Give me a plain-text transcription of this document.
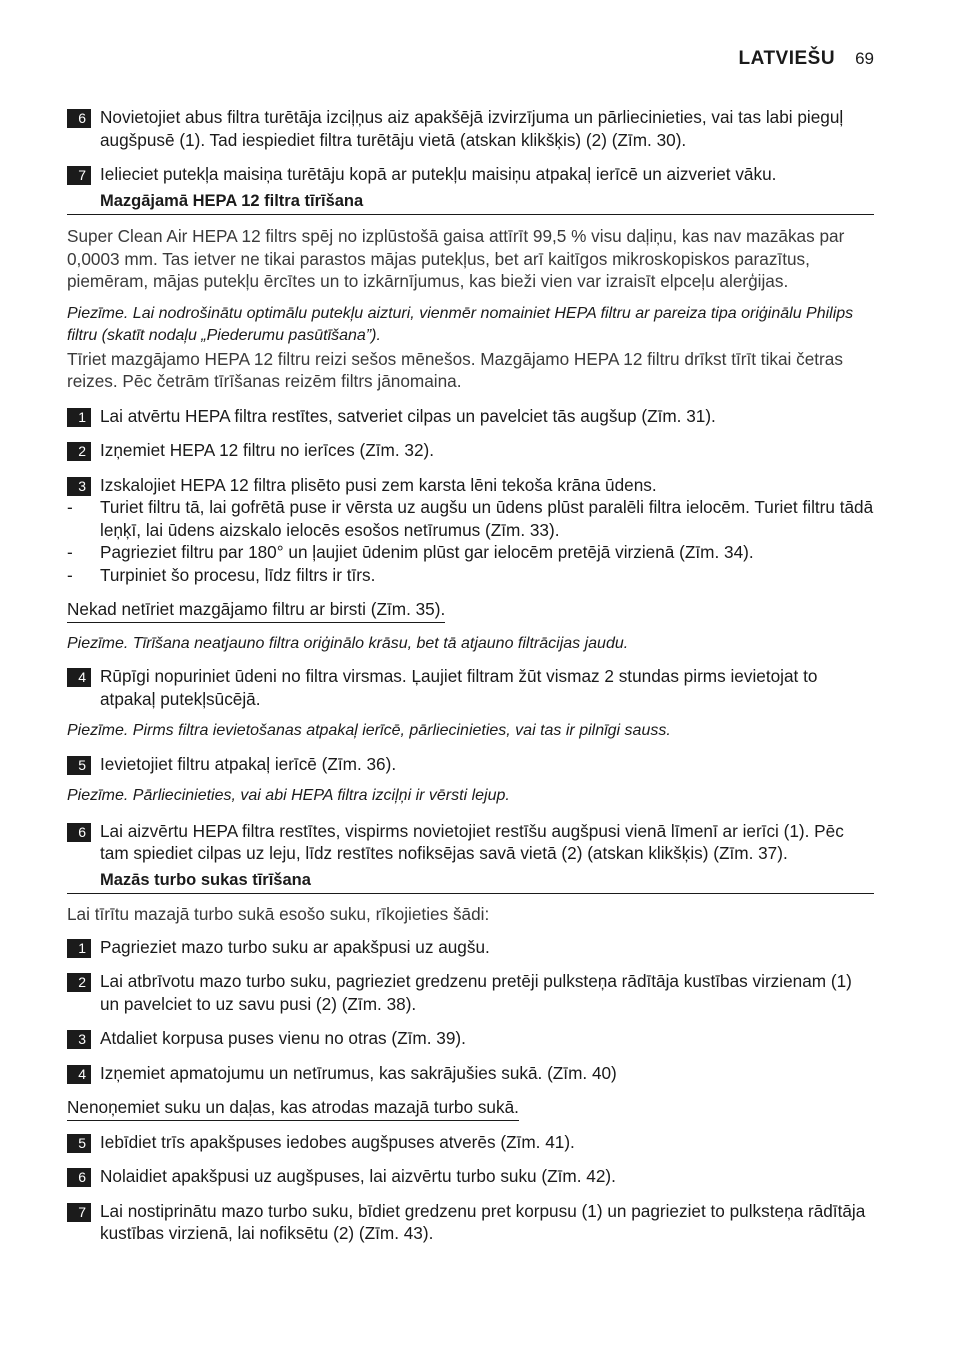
LATVIEŠU 69
6 Novietojiet abus filtra turētāja izciļņus aiz apakšējā izvirzījuma un pārliecinieties, vai tas labi pieguļ augšpusē (1). Tad iespiediet filtra turētāju vietā (atskan klikšķis) (2) (Zīm. 30).
7 Ielieciet putekļa maisiņa turētāju kopā ar putekļu maisiņu atpakaļ ierīcē un aizveriet vāku.
Mazgājamā HEPA 12 filtra tīrīšana
Super Clean Air HEPA 12 filtrs spēj no izplūstošā gaisa attīrīt 99,5 % visu daļiņu, kas nav mazākas par 0,0003 mm. Tas ietver ne tikai parastos mājas putekļus, bet arī kaitīgos mikroskopiskos parazītus, piemēram, mājas putekļu ērcītes un to izkārnījumus, kas bieži vien var izraisīt elpceļu alerģijas.
Piezīme. Lai nodrošinātu optimālu putekļu aizturi, vienmēr nomainiet HEPA filtru ar pareiza tipa oriģinālu Philips filtru (skatīt nodaļu „Piederumu pasūtīšana”).
Tīriet mazgājamo HEPA 12 filtru reizi sešos mēnešos. Mazgājamo HEPA 12 filtru drīkst tīrīt tikai četras reizes. Pēc četrām tīrīšanas reizēm filtrs jānomaina.
1 Lai atvērtu HEPA filtra restītes, satveriet cilpas un pavelciet tās augšup (Zīm. 31).
2 Izņemiet HEPA 12 filtru no ierīces (Zīm. 32).
3 Izskalojiet HEPA 12 filtra plisēto pusi zem karsta lēni tekoša krāna ūdens.
- Turiet filtru tā, lai gofrētā puse ir vērsta uz augšu un ūdens plūst paralēli filtra ielocēm. Turiet filtru tādā leņķī, lai ūdens aizskalo ielocēs esošos netīrumus (Zīm. 33).
- Pagrieziet filtru par 180° un ļaujiet ūdenim plūst gar ielocēm pretējā virzienā (Zīm. 34).
- Turpiniet šo procesu, līdz filtrs ir tīrs.
Nekad netīriet mazgājamo filtru ar birsti (Zīm. 35).
Piezīme. Tīrīšana neatjauno filtra oriģinālo krāsu, bet tā atjauno filtrācijas jaudu.
4 Rūpīgi nopuriniet ūdeni no filtra virsmas. Ļaujiet filtram žūt vismaz 2 stundas pirms ievietojat to atpakaļ putekļsūcējā.
Piezīme. Pirms filtra ievietošanas atpakaļ ierīcē, pārliecinieties, vai tas ir pilnīgi sauss.
5 Ievietojiet filtru atpakaļ ierīcē (Zīm. 36).
Piezīme. Pārliecinieties, vai abi HEPA filtra izciļņi ir vērsti lejup.
6 Lai aizvērtu HEPA filtra restītes, vispirms novietojiet restīšu augšpusi vienā līmenī ar ierīci (1). Pēc tam spiediet cilpas uz leju, līdz restītes nofiksējas savā vietā (2) (atskan klikšķis) (Zīm. 37).
Mazās turbo sukas tīrīšana
Lai tīrītu mazajā turbo sukā esošo suku, rīkojieties šādi:
1 Pagrieziet mazo turbo suku ar apakšpusi uz augšu.
2 Lai atbrīvotu mazo turbo suku, pagrieziet gredzenu pretēji pulksteņa rādītāja kustības virzienam (1) un pavelciet to uz savu pusi (2) (Zīm. 38).
3 Atdaliet korpusa puses vienu no otras (Zīm. 39).
4 Izņemiet apmatojumu un netīrumus, kas sakrājušies sukā. (Zīm. 40)
Nenoņemiet suku un daļas, kas atrodas mazajā turbo sukā.
5 Iebīdiet trīs apakšpuses iedobes augšpuses atverēs (Zīm. 41).
6 Nolaidiet apakšpusi uz augšpuses, lai aizvērtu turbo suku (Zīm. 42).
7 Lai nostiprinātu mazo turbo suku, bīdiet gredzenu pret korpusu (1) un pagrieziet to pulksteņa rādītāja kustības virzienā, lai nofiksētu (2) (Zīm. 43).
